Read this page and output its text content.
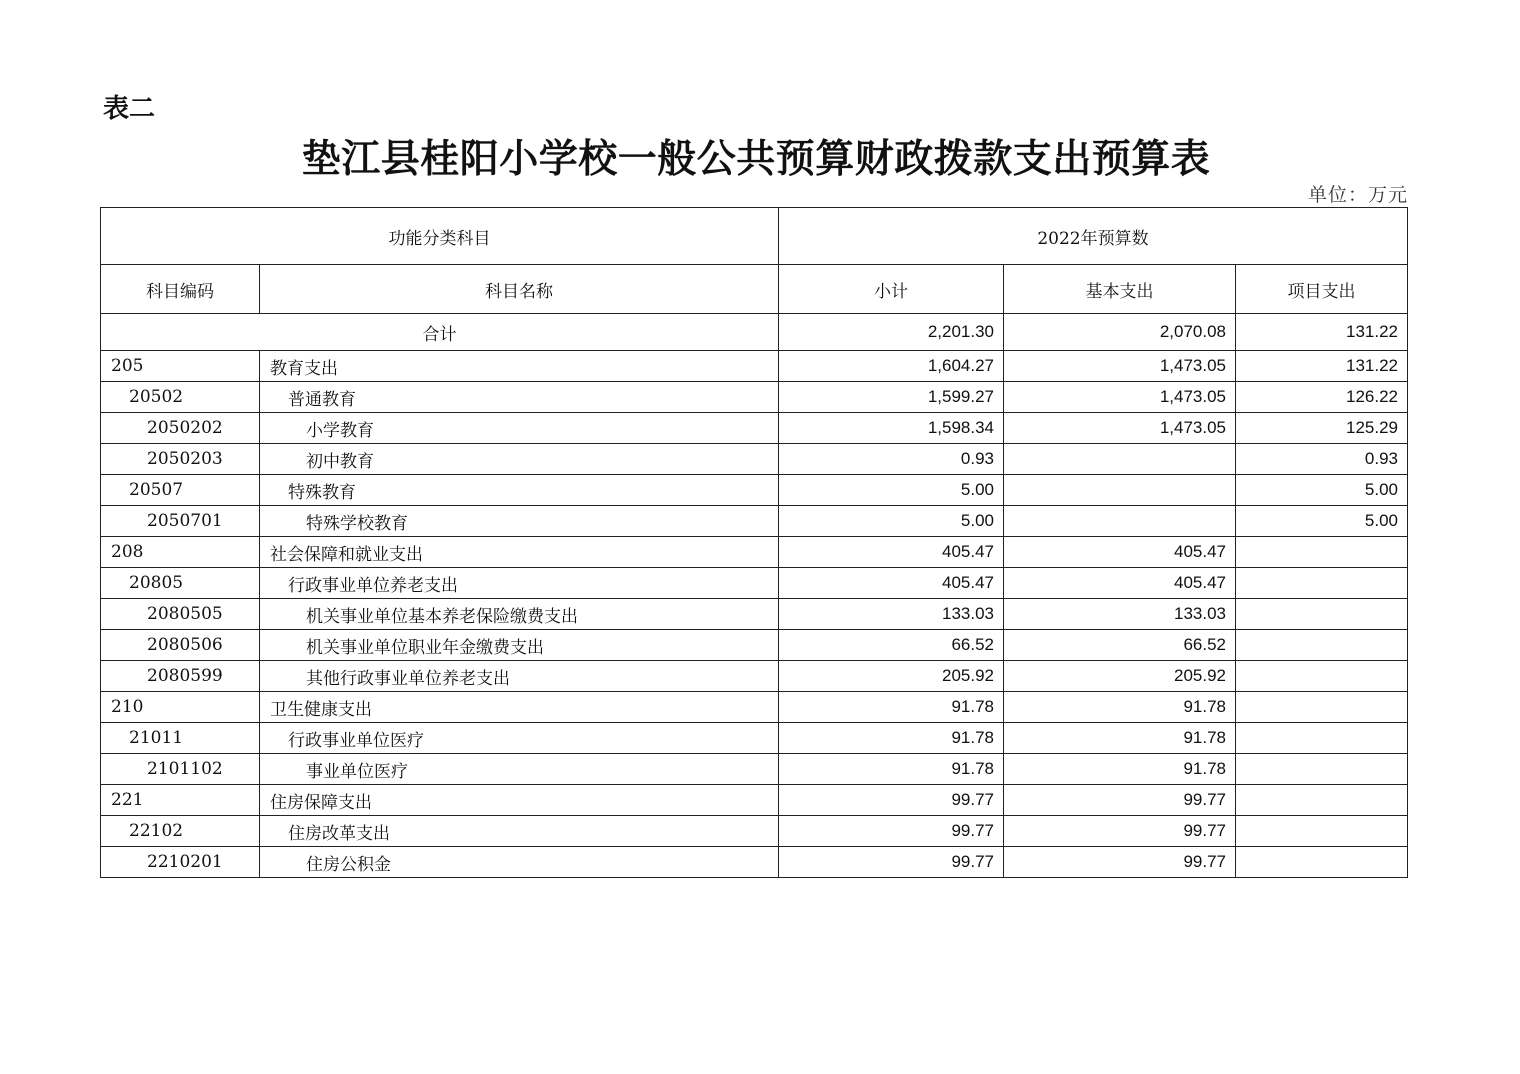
表二
垫江县桂阳小学校一般公共预算财政拨款支出预算表
单位：万元
功能分类科目		2022年预算数		
科目编码	科目名称	小计	基本支出	项目支出
合计		2,201.30	2,070.08	131.22
205	教育支出	1,604.27	1,473.05	131.22
20502	普通教育	1,599.27	1,473.05	126.22
2050202	小学教育	1,598.34	1,473.05	125.29
2050203	初中教育	0.93		0.93
20507	特殊教育	5.00		5.00
2050701	特殊学校教育	5.00		5.00
208	社会保障和就业支出	405.47	405.47	
20805	行政事业单位养老支出	405.47	405.47	
2080505	机关事业单位基本养老保险缴费支出	133.03	133.03	
2080506	机关事业单位职业年金缴费支出	66.52	66.52	
2080599	其他行政事业单位养老支出	205.92	205.92	
210	卫生健康支出	91.78	91.78	
21011	行政事业单位医疗	91.78	91.78	
2101102	事业单位医疗	91.78	91.78	
221	住房保障支出	99.77	99.77	
22102	住房改革支出	99.77	99.77	
2210201	住房公积金	99.77	99.77	
